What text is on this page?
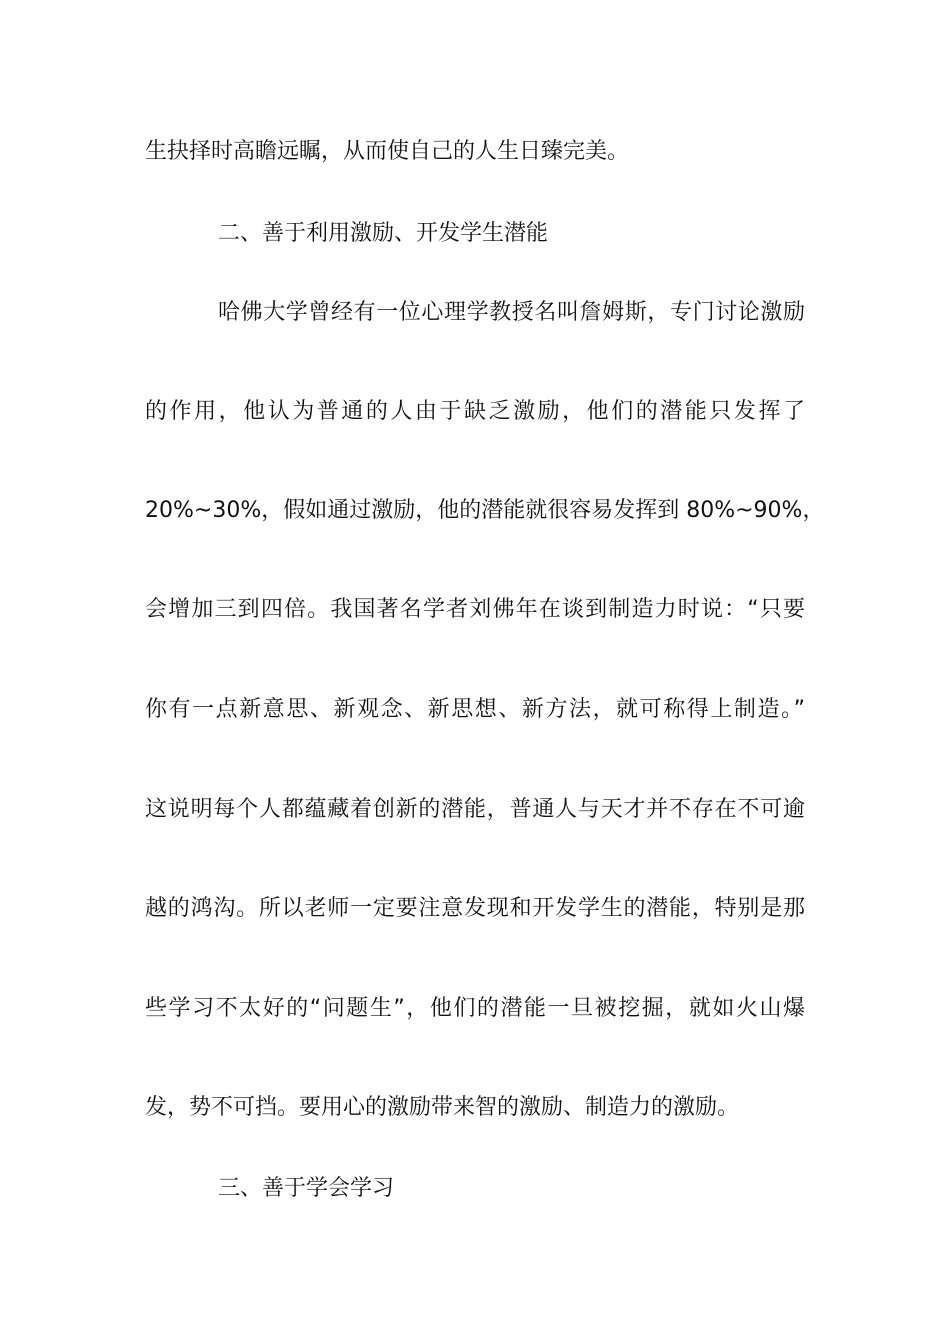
生抉择时高瞻远瞩，从而使自己的人生日臻完美。
二、善于利用激励、开发学生潜能
哈佛大学曾经有一位心理学教授名叫詹姆斯，专门讨论激励
的作用，他认为普通的人由于缺乏激励，他们的潜能只发挥了
20%~30%，假如通过激励，他的潜能就很容易发挥到 80%~90%，
会增加三到四倍。我国著名学者刘佛年在谈到制造力时说：“只要
你有一点新意思、新观念、新思想、新方法，就可称得上制造。”
这说明每个人都蕴藏着创新的潜能，普通人与天才并不存在不可逾
越的鸿沟。所以老师一定要注意发现和开发学生的潜能，特别是那
些学习不太好的“问题生”，他们的潜能一旦被挖掘，就如火山爆
发，势不可挡。要用心的激励带来智的激励、制造力的激励。
三、善于学会学习
